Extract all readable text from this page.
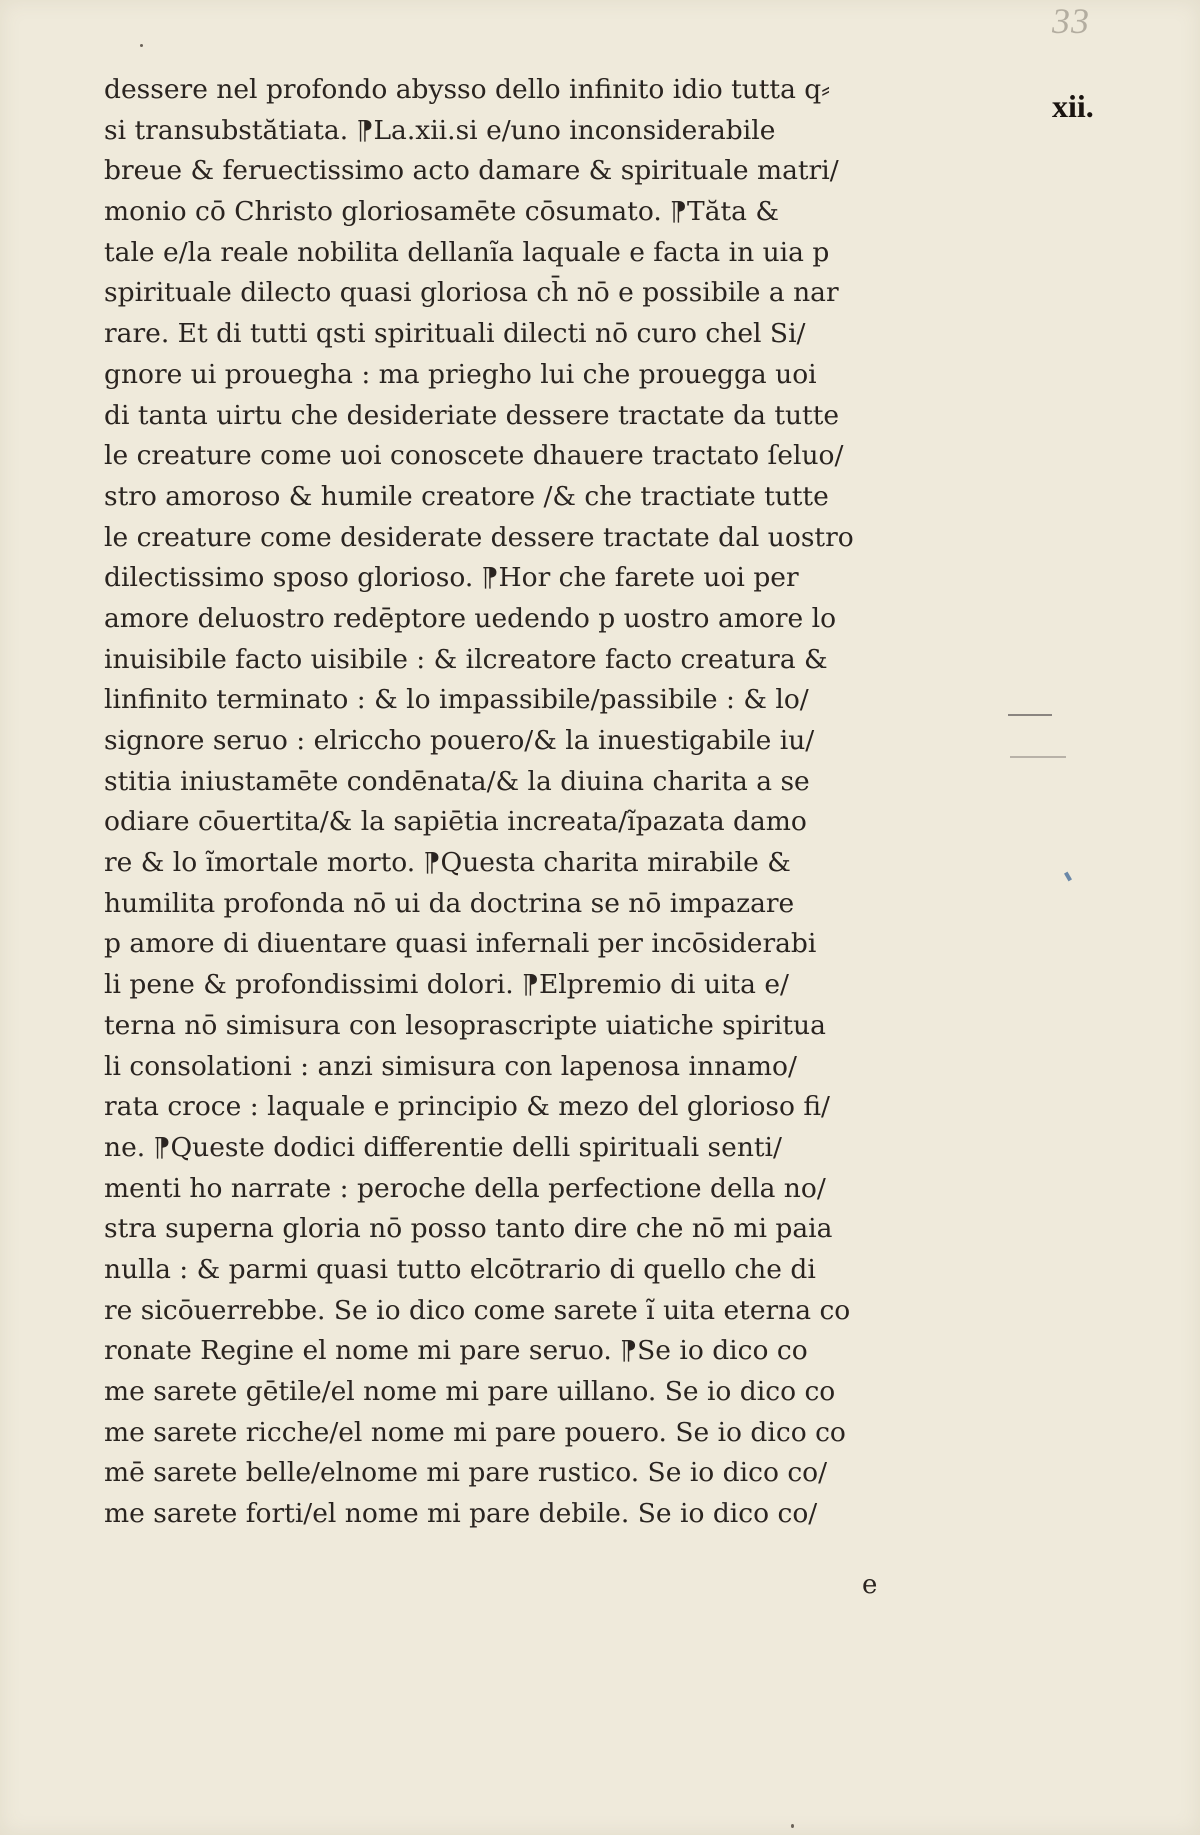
33
xii.
dessere nel profondo abysso dello infinito idio tutta q⸗
si transubstătiata. ⁋La.xii.si e/uno inconsiderabile
breue & feruectissimo acto damare & spirituale matri/
monio cō Christo gloriosamēte cōsumato. ⁋Tăta &
tale e/la reale nobilita dellanĩa laquale e facta in uia p
spirituale dilecto quasi gloriosa ch̄ nō e possibile a nar
rare. Et di tutti qsti spirituali dilecti nō curo chel Si/
gnore ui prouegha : ma priegho lui che prouegga uoi
di tanta uirtu che desideriate dessere tractate da tutte
le creature come uoi conoscete dhauere tractato ſeluo/
stro amoroso & humile creatore /& che tractiate tutte
le creature come desiderate dessere tractate dal uostro
dilectissimo sposo glorioso. ⁋Hor che farete uoi per
amore deluostro redēptore uedendo p uostro amore lo
inuisibile facto uisibile : & ilcreatore facto creatura &
linfinito terminato : & lo impassibile/passibile : & lo/
signore seruo : elriccho pouero/& la inuestigabile iu/
stitia iniustamēte condēnata/& la diuina charita a se
odiare cōuertita/& la sapiētia increata/ĩpazata damo
re & lo ĩmortale morto. ⁋Questa charita mirabile &
humilita profonda nō ui da doctrina se nō impazare
p amore di diuentare quasi infernali per incōsiderabi
li pene & profondissimi dolori. ⁋Elpremio di uita e/
terna nō simisura con lesoprascripte uiatiche spiritua
li consolationi : anzi simisura con lapenosa innamo/
rata croce : laquale e principio & mezo del glorioso fi/
ne. ⁋Queste dodici differentie delli spirituali senti/
menti ho narrate : peroche della perfectione della no/
stra superna gloria nō posso tanto dire che nō mi paia
nulla : & parmi quasi tutto elcōtrario di quello che di
re sicōuerrebbe. Se io dico come sarete ĩ uita eterna co
ronate Regine el nome mi pare seruo. ⁋Se io dico co
me sarete gētile/el nome mi pare uillano. Se io dico co
me sarete ricche/el nome mi pare pouero. Se io dico co
mē sarete belle/elnome mi pare rustico. Se io dico co/
me sarete forti/el nome mi pare debile. Se io dico co/
e
